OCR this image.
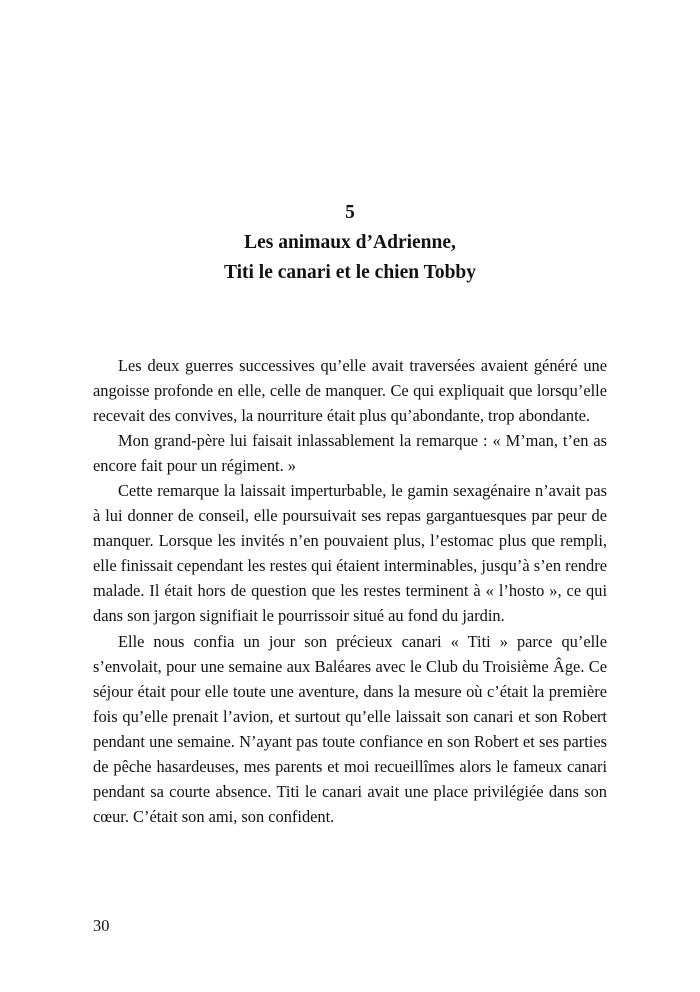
5
Les animaux d’Adrienne,
Titi le canari et le chien Tobby

Les deux guerres successives qu’elle avait traversées avaient généré une angoisse profonde en elle, celle de manquer. Ce qui expliquait que lorsqu’elle recevait des convives, la nourriture était plus qu’abondante, trop abondante.

Mon grand-père lui faisait inlassablement la remarque : « M’man, t’en as encore fait pour un régiment. »

Cette remarque la laissait imperturbable, le gamin sexagénaire n’avait pas à lui donner de conseil, elle poursuivait ses repas gargantuesques par peur de manquer. Lorsque les invités n’en pouvaient plus, l’estomac plus que rempli, elle finissait cependant les restes qui étaient interminables, jusqu’à s’en rendre malade. Il était hors de question que les restes terminent à « l’hosto », ce qui dans son jargon signifiait le pourrissoir situé au fond du jardin.

Elle nous confia un jour son précieux canari « Titi » parce qu’elle s’envolait, pour une semaine aux Baléares avec le Club du Troisième Âge. Ce séjour était pour elle toute une aventure, dans la mesure où c’était la première fois qu’elle prenait l’avion, et surtout qu’elle laissait son canari et son Robert pendant une semaine. N’ayant pas toute confiance en son Robert et ses parties de pêche hasardeuses, mes parents et moi recueillîmes alors le fameux canari pendant sa courte absence. Titi le canari avait une place privilégiée dans son cœur. C’était son ami, son confident.

30
